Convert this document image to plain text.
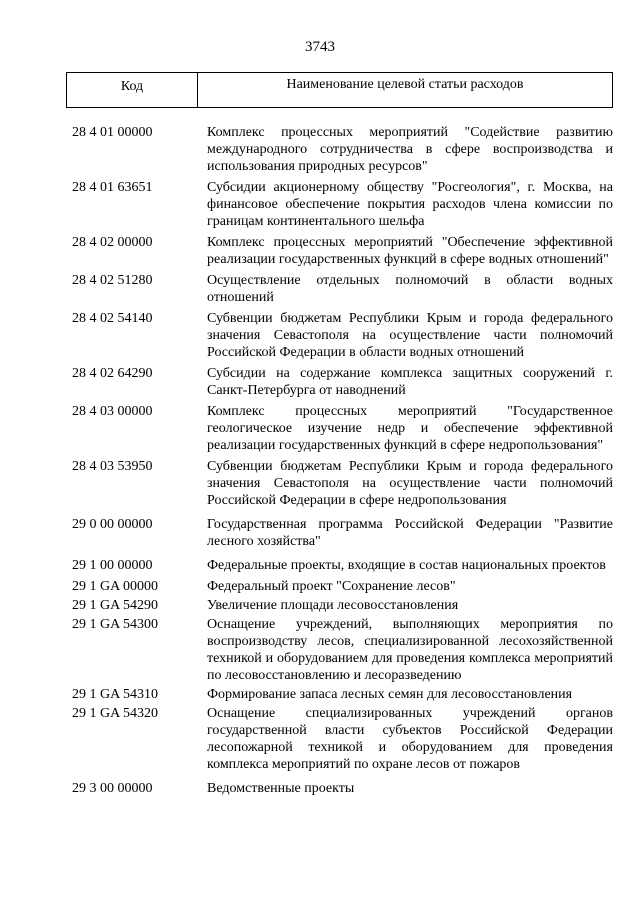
3743
Код	Наименование целевой статьи расходов
28 4 01 00000	Комплекс процессных мероприятий "Содействие развитию международного сотрудничества в сфере воспроизводства и использования природных ресурсов"
28 4 01 63651	Субсидии акционерному обществу "Росгеология", г. Москва, на финансовое обеспечение покрытия расходов члена комиссии по границам континентального шельфа
28 4 02 00000	Комплекс процессных мероприятий "Обеспечение эффективной реализации государственных функций в сфере водных отношений"
28 4 02 51280	Осуществление отдельных полномочий в области водных отношений
28 4 02 54140	Субвенции бюджетам Республики Крым и города федерального значения Севастополя на осуществление части полномочий Российской Федерации в области водных отношений
28 4 02 64290	Субсидии на содержание комплекса защитных сооружений г. Санкт-Петербурга от наводнений
28 4 03 00000	Комплекс процессных мероприятий "Государственное геологическое изучение недр и обеспечение эффективной реализации государственных функций в сфере недропользования"
28 4 03 53950	Субвенции бюджетам Республики Крым и города федерального значения Севастополя на осуществление части полномочий Российской Федерации в сфере недропользования
29 0 00 00000	Государственная программа Российской Федерации "Развитие лесного хозяйства"
29 1 00 00000	Федеральные проекты, входящие в состав национальных проектов
29 1 GA 00000	Федеральный проект "Сохранение лесов"
29 1 GA 54290	Увеличение площади лесовосстановления
29 1 GA 54300	Оснащение учреждений, выполняющих мероприятия по воспроизводству лесов, специализированной лесохозяйственной техникой и оборудованием для проведения комплекса мероприятий по лесовосстановлению и лесоразведению
29 1 GA 54310	Формирование запаса лесных семян для лесовосстановления
29 1 GA 54320	Оснащение специализированных учреждений органов государственной власти субъектов Российской Федерации лесопожарной техникой и оборудованием для проведения комплекса мероприятий по охране лесов от пожаров
29 3 00 00000	Ведомственные проекты
